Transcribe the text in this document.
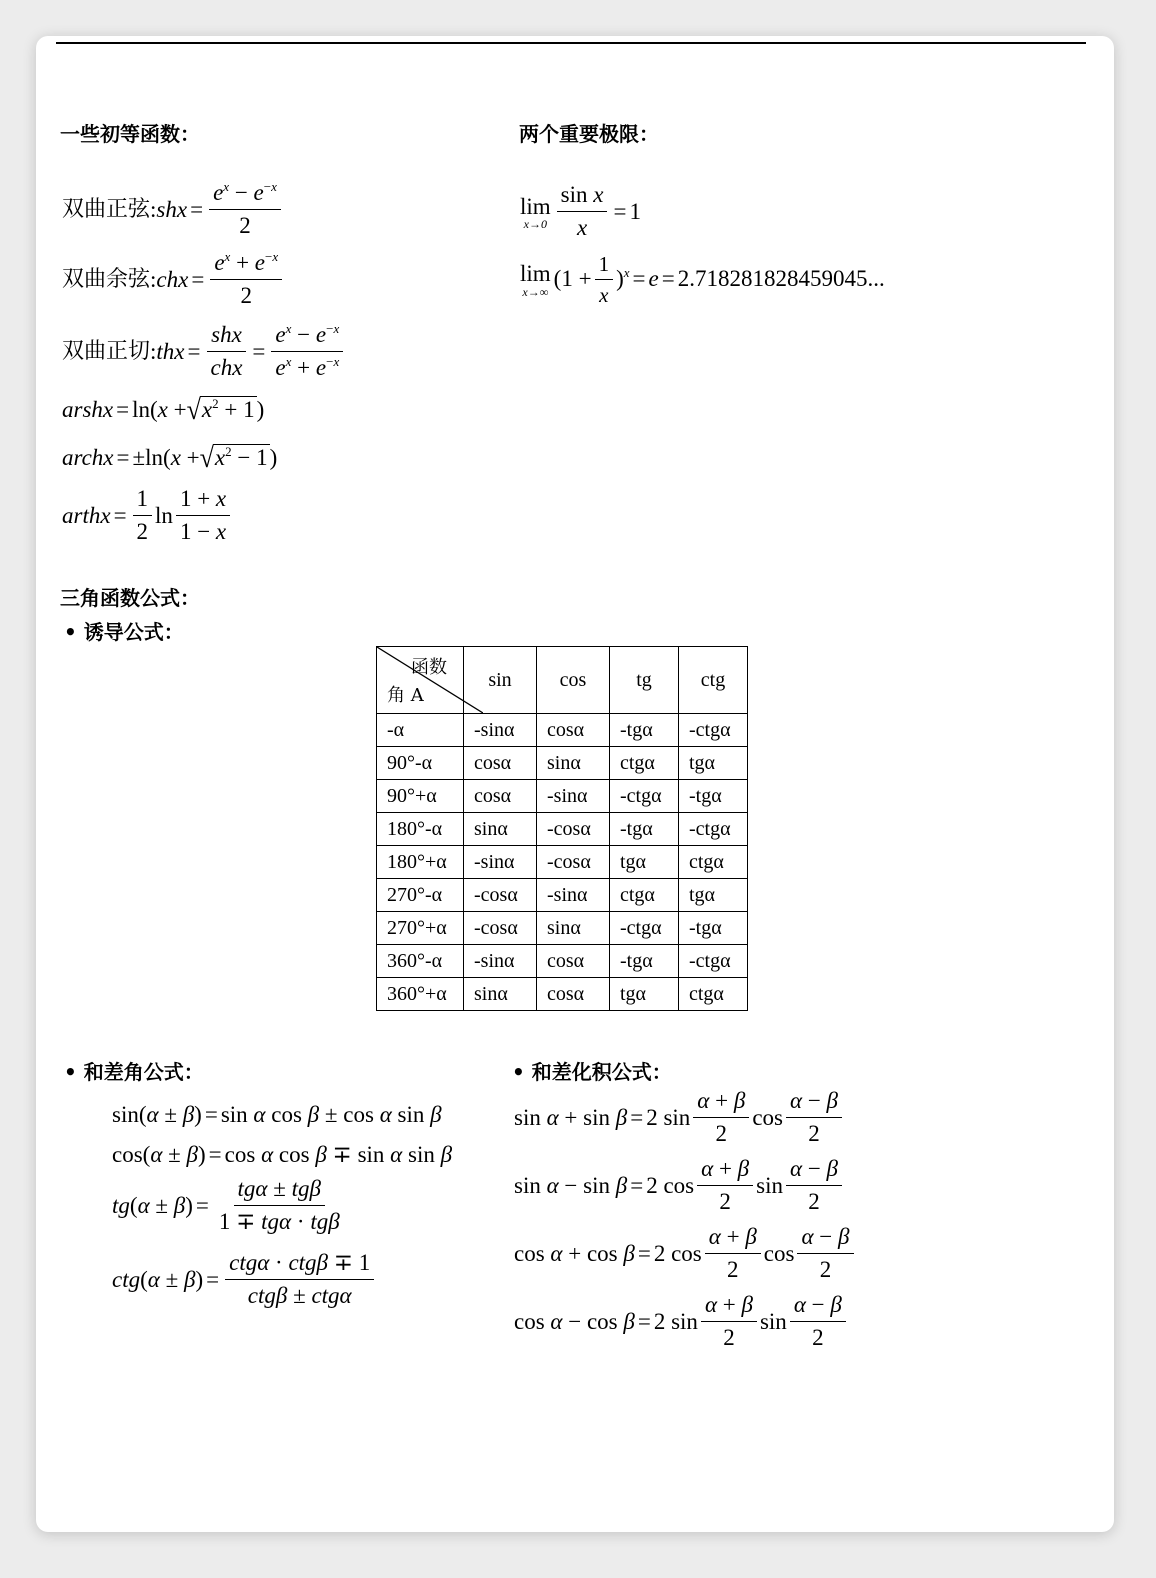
一些初等函数：	两个重要极限：
三角函数公式：
• 诱导公式：
• 和差角公式：	• 和差化积公式：
双曲正弦 : shx = $\frac{e^x - e^{-x}}{2}$
双曲余弦 : chx = $\frac{e^x + e^{-x}}{2}$
双曲正切 : thx = $\frac{\text{shx}}{\text{chx}} = \frac{e^x - e^{-x}}{e^x + e^{-x}}$
arshx = ln(x + √ $x^2 + 1$ )
archx = ±ln(x + √ $x^2 - 1$ )
arthx = $\frac{1}{2}$ $\ln \frac{1 + x}{1 - x}$
lim
$x\to 0 \frac{\text{sin x}}{x} = 1$
lim
x→∞
$(1 + \frac{1}{x} )^x = e = 2.718281828459045$...
函数
角 A	sin	cos	tg	ctg
-α	-sinα	cosα	-tgα	-ctgα
90°-α	cosα	sinα	ctgα	tgα
90°+α	cosα	-sinα	-ctgα	-tgα
180°-α	sinα	-cosα	-tgα	-ctgα
180°+α	-sinα	-cosα	tgα	ctgα
270°-α	-cosα	-sinα	ctgα	tgα
270°+α	-cosα	sinα	-ctgα	-tgα
360°-α	-sinα	cosα	-tgα	-ctgα
360°+α	sinα	cosα	tgα	ctgα
sin(α ± β) = sin α cos β ± cos α sin β
cos(α ± β) = cos α cos β ∓ sin α sin β
$tg(\alpha \pm \beta) = \frac{\text{tgα ± tgβ}}{\text{1 ∓ tgα · tgβ}}$
$ctg(\alpha \pm \beta) = \frac{\text{ctgα · ctgβ ∓ 1}}{\text{ctgβ ± ctgα}}$
sin α + sin β = 2 $\sin \frac{\alpha + \beta}{2}$ $\cos \frac{\alpha - \beta}{2}$
sin α − sin β = 2 $\cos \frac{\alpha + \beta}{2}$ $\sin \frac{\alpha - \beta}{2}$
cos α + cos β = 2 $\cos \frac{\alpha + \beta}{2}$ $\cos \frac{\alpha - \beta}{2}$
cos α − cos β = 2 $\sin \frac{\alpha + \beta}{2}$ $\sin \frac{\alpha - \beta}{2}$
